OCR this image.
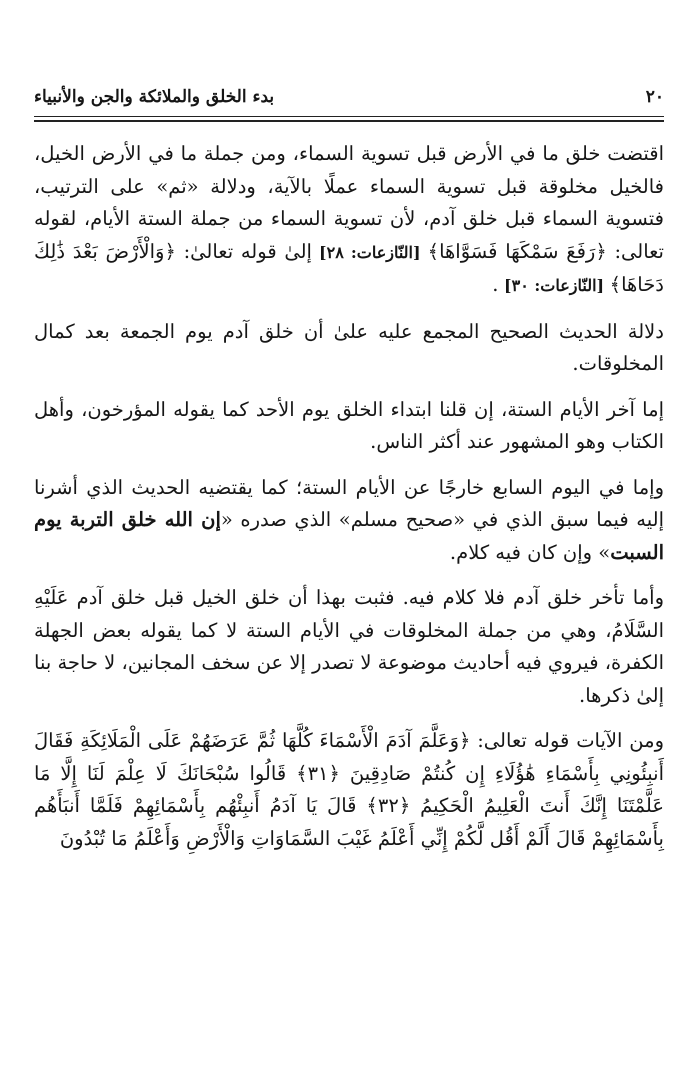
٢٠
بدء الخلق والملائكة والجن والأنبياء

اقتضت خلق ما في الأرض قبل تسوية السماء، ومن جملة ما في الأرض الخيل، فالخيل مخلوقة قبل تسوية السماء عملًا بالآية، ودلالة «ثم» على الترتيب، فتسوية السماء قبل خلق آدم، لأن تسوية السماء من جملة الستة الأيام، لقوله تعالى: ﴿رَفَعَ سَمْكَهَا فَسَوَّاهَا﴾ [النّازعات: ٢٨] إلىٰ قوله تعالىٰ: ﴿وَالْأَرْضَ بَعْدَ ذَٰلِكَ دَحَاهَا﴾ [النّازعات: ٣٠] .

دلالة الحديث الصحيح المجمع عليه علىٰ أن خلق آدم يوم الجمعة بعد كمال المخلوقات.

إما آخر الأيام الستة، إن قلنا ابتداء الخلق يوم الأحد كما يقوله المؤرخون، وأهل الكتاب وهو المشهور عند أكثر الناس.

وإما في اليوم السابع خارجًا عن الأيام الستة؛ كما يقتضيه الحديث الذي أشرنا إليه فيما سبق الذي في «صحيح مسلم» الذي صدره «إن الله خلق التربة يوم السبت» وإن كان فيه كلام.

وأما تأخر خلق آدم فلا كلام فيه. فثبت بهذا أن خلق الخيل قبل خلق آدم عَلَيْهِ السَّلَامُ، وهي من جملة المخلوقات في الأيام الستة لا كما يقوله بعض الجهلة الكفرة، فيروي فيه أحاديث موضوعة لا تصدر إلا عن سخف المجانين، لا حاجة بنا إلىٰ ذكرها.

ومن الآيات قوله تعالى: ﴿وَعَلَّمَ آدَمَ الْأَسْمَاءَ كُلَّهَا ثُمَّ عَرَضَهُمْ عَلَى الْمَلَائِكَةِ فَقَالَ أَنبِئُونِي بِأَسْمَاءِ هَٰؤُلَاءِ إِن كُنتُمْ صَادِقِينَ ﴿٣١﴾ قَالُوا سُبْحَانَكَ لَا عِلْمَ لَنَا إِلَّا مَا عَلَّمْتَنَا إِنَّكَ أَنتَ الْعَلِيمُ الْحَكِيمُ ﴿٣٢﴾ قَالَ يَا آدَمُ أَنبِئْهُم بِأَسْمَائِهِمْ فَلَمَّا أَنبَأَهُم بِأَسْمَائِهِمْ قَالَ أَلَمْ أَقُل لَّكُمْ إِنِّي أَعْلَمُ غَيْبَ السَّمَاوَاتِ وَالْأَرْضِ وَأَعْلَمُ مَا تُبْدُونَ
